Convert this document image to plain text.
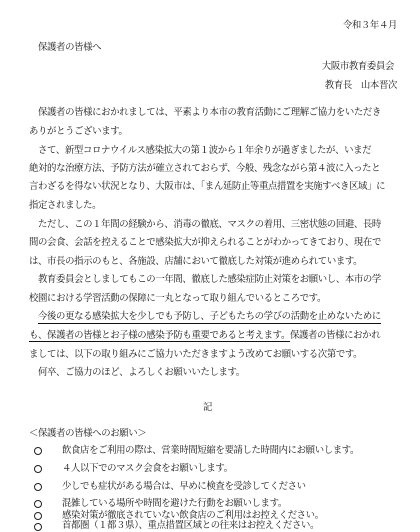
令和３年４月
保護者の皆様へ
大阪市教育委員会
教育長　山本晋次
保護者の皆様におかれましては、平素より本市の教育活動にご理解ご協力をいただき
ありがとうございます。
さて、新型コロナウイルス感染拡大の第１波から１年余りが過ぎましたが、いまだ
絶対的な治療方法、予防方法が確立されておらず、今般、残念ながら第４波に入ったと
言わざるを得ない状況となり、大阪市は、「まん延防止等重点措置を実施すべき区域」に
指定されました。
ただし、この１年間の経験から、消毒の徹底、マスクの着用、三密状態の回避、長時
間の会食、会話を控えることで感染拡大が抑えられることがわかってきており、現在で
は、市長の指示のもと、各施設、店舗において徹底した対策が進められています。
教育委員会としましてもこの一年間、徹底した感染症防止対策をお願いし、本市の学
校園における学習活動の保障に一丸となって取り組んでいるところです。
今後の更なる感染拡大を少しでも予防し、子どもたちの学びの活動を止めないために
も、保護者の皆様とお子様の感染予防も重要であると考えます。保護者の皆様におかれ
ましては、以下の取り組みにご協力いただきますよう改めてお願いする次第です。
何卒、ご協力のほど、よろしくお願いいたします。
記
＜保護者の皆様へのお願い＞
飲食店をご利用の際は、営業時間短縮を要請した時間内にお願いします。
４人以下でのマスク会食をお願いします。
少しでも症状がある場合は、早めに検査を受診してください
混雑している場所や時間を避けた行動をお願いします。
感染対策が徹底されていない飲食店のご利用はお控えください。
首都圏（１都３県）、重点措置区域との往来はお控えください。
